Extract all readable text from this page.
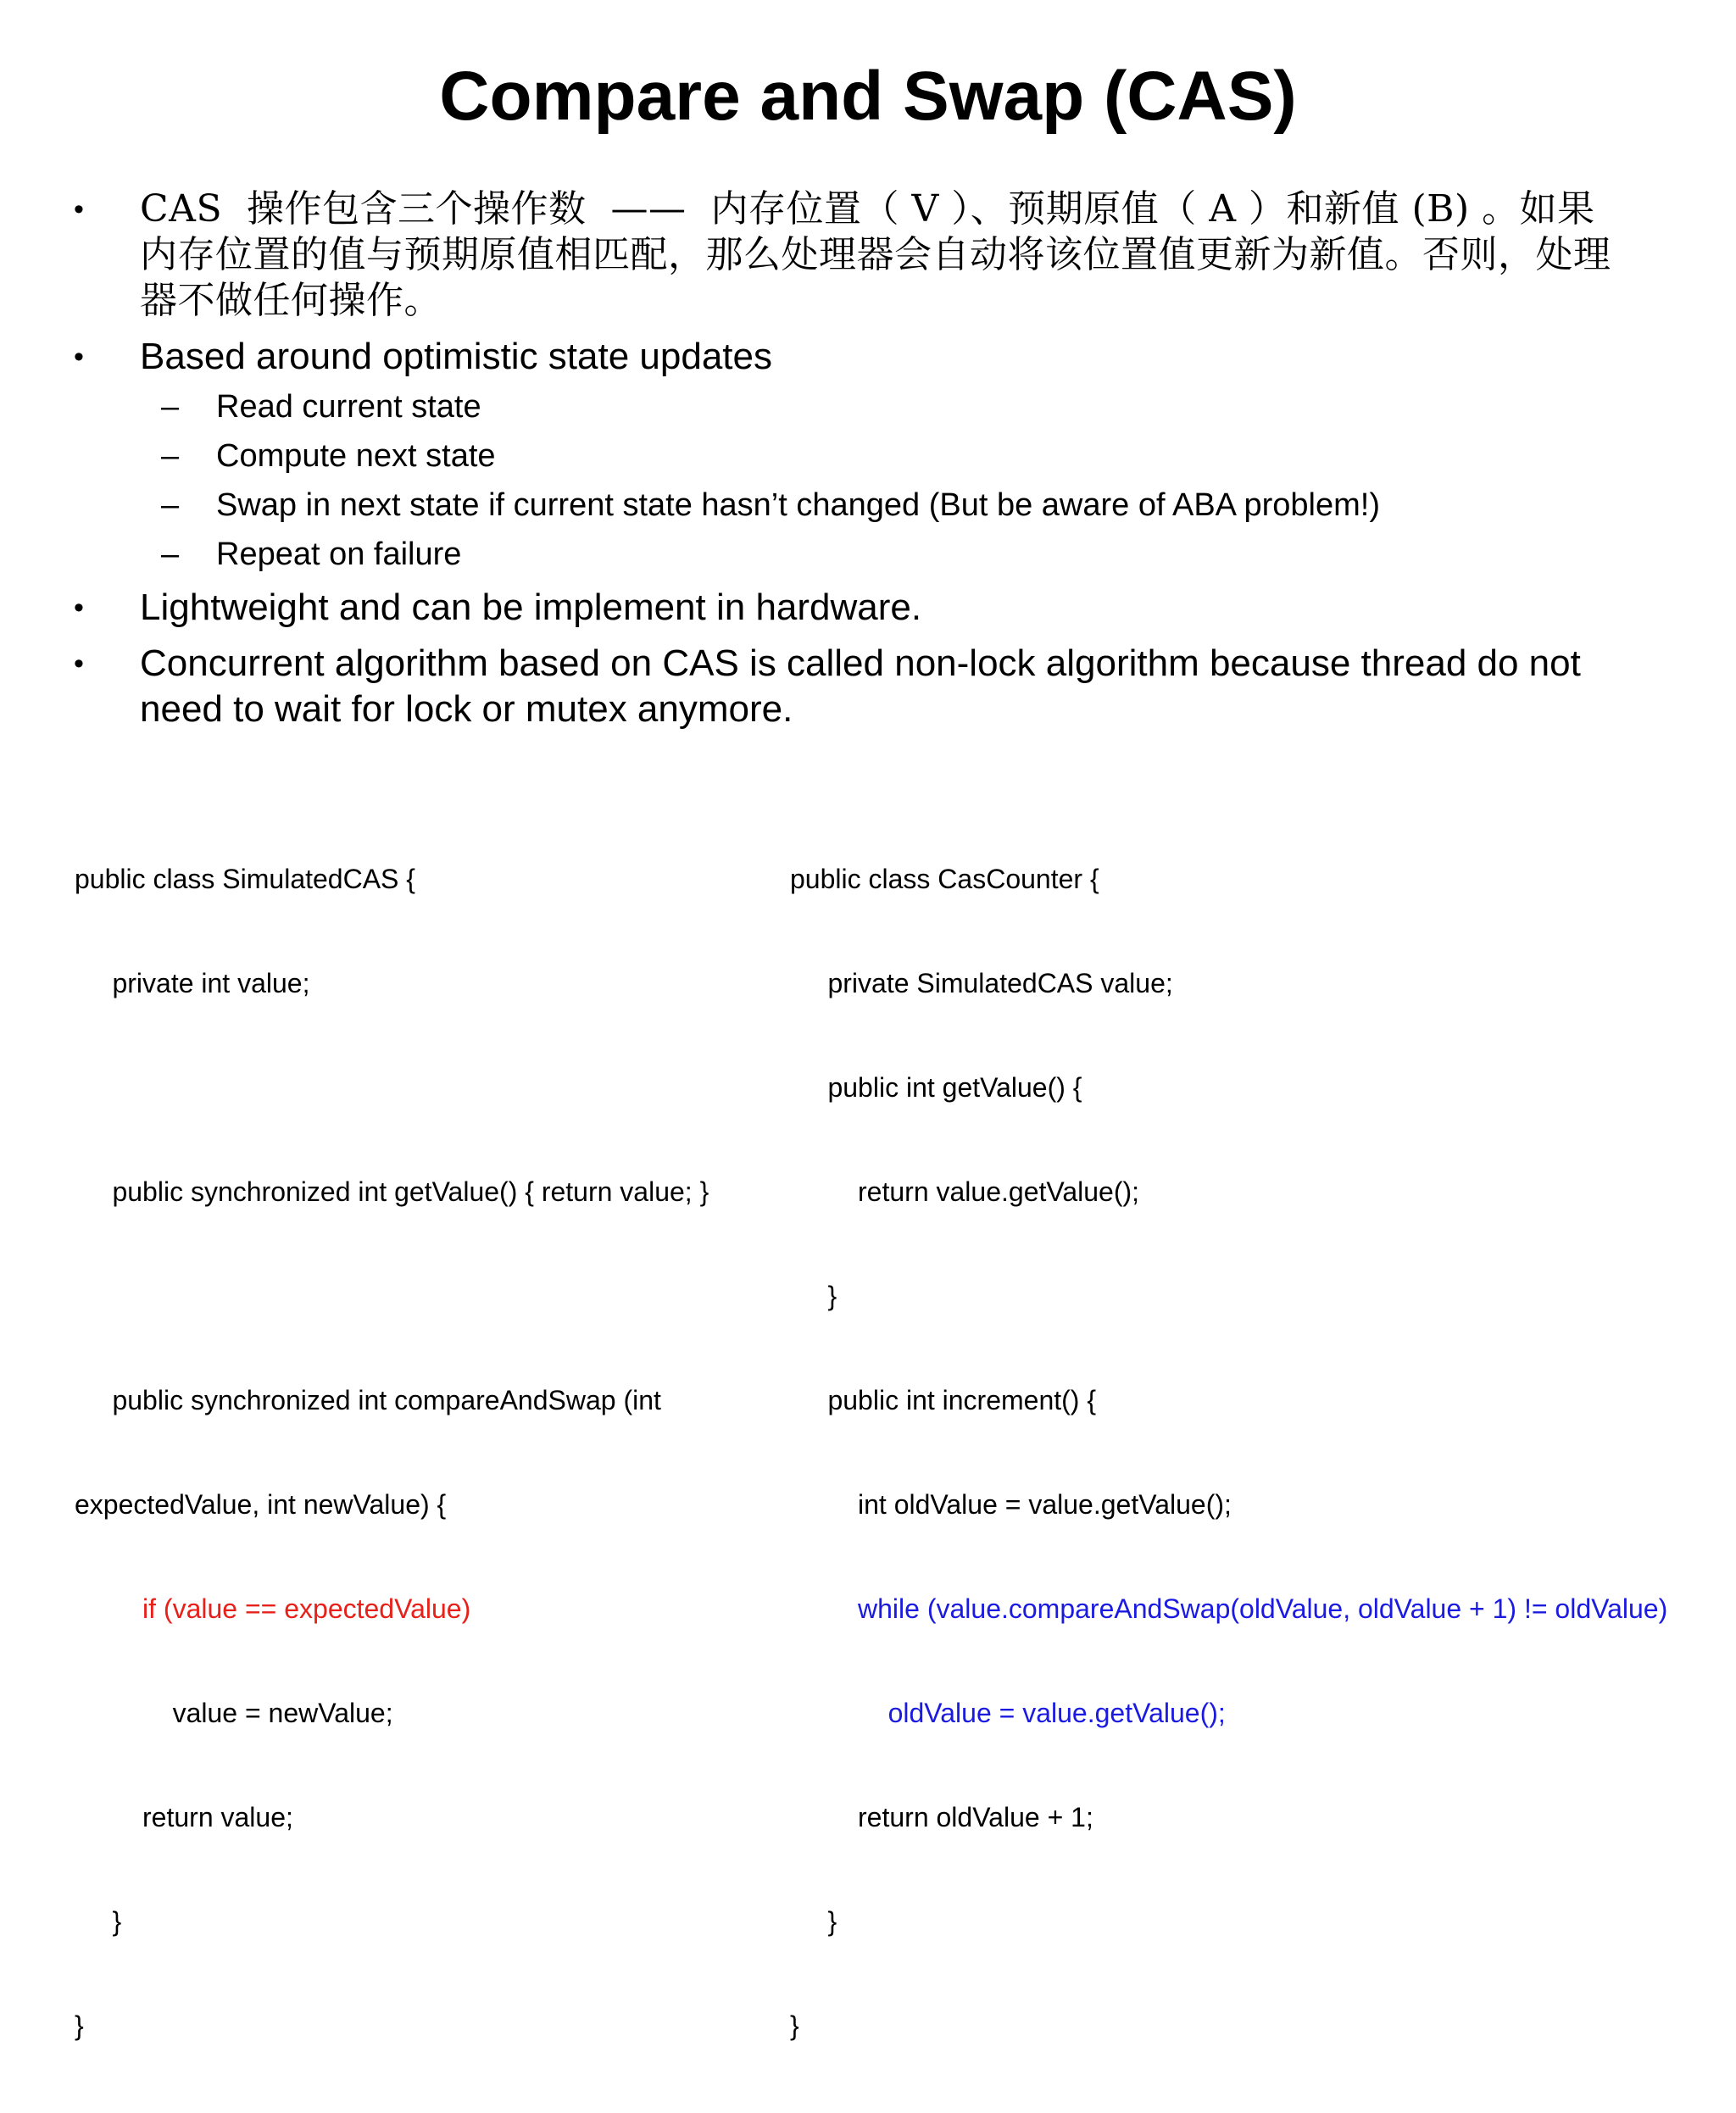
Compare and Swap (CAS)
• CAS  操作包含三个操作数  ——  内存位置（ V ）、预期原值（ A ）和新值 (B) 。如果内存位置的值与预期原值相匹配，那么处理器会自动将该位置值更新为新值。否则，处理器不做任何操作。
• Based around optimistic state updates
– Read current state
– Compute next state
– Swap in next state if current state hasn’t changed (But be aware of ABA problem!)
– Repeat on failure
• Lightweight and can be implement in hardware.
• Concurrent algorithm based on CAS is called non-lock algorithm because thread do not need to wait for lock or mutex anymore.

public class SimulatedCAS {

private int value;

public synchronized int getValue() { return value; }

public synchronized int compareAndSwap (int

expectedValue, int newValue) {

if (value == expectedValue)

value = newValue;

return value;

}

}

public class CasCounter {

private SimulatedCAS value;

public int getValue() {

return value.getValue();

}

public int increment() {

int oldValue = value.getValue();

while (value.compareAndSwap(oldValue, oldValue + 1) != oldValue)

oldValue = value.getValue();

return oldValue + 1;

}

}
